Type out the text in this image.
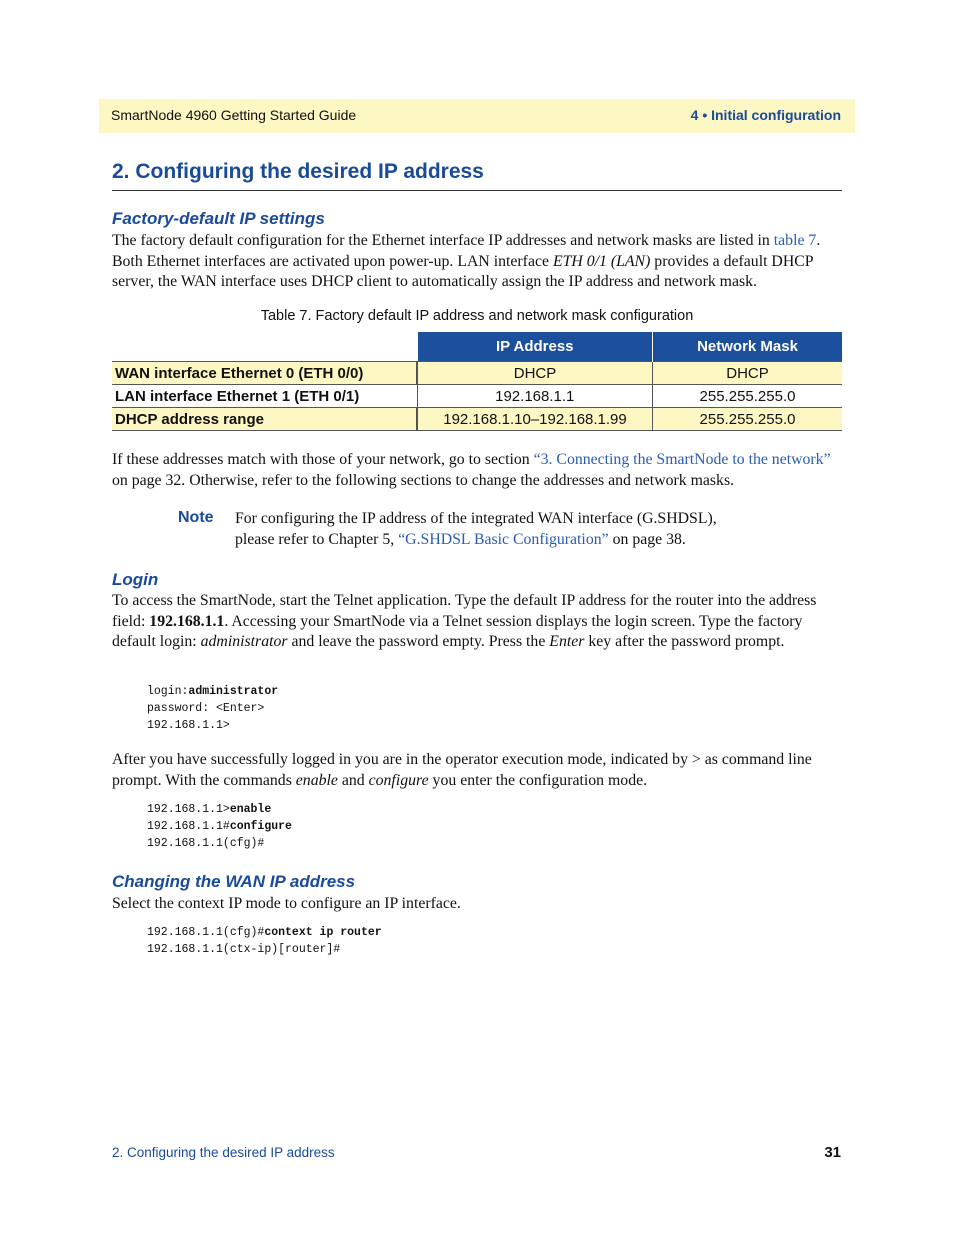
SmartNode 4960 Getting Started Guide	4 • Initial configuration
2. Configuring the desired IP address
Factory-default IP settings

The factory default configuration for the Ethernet interface IP addresses and network masks are listed in table 7. Both Ethernet interfaces are activated upon power-up. LAN interface ETH 0/1 (LAN) provides a default DHCP server, the WAN interface uses DHCP client to automatically assign the IP address and network mask.

Table 7. Factory default IP address and network mask configuration
	IP Address	Network Mask
WAN interface Ethernet 0 (ETH 0/0)	DHCP	DHCP
LAN interface Ethernet 1 (ETH 0/1)	192.168.1.1	255.255.255.0
DHCP address range	192.168.1.10–192.168.1.99	255.255.255.0

If these addresses match with those of your network, go to section “3. Connecting the SmartNode to the network” on page 32. Otherwise, refer to the following sections to change the addresses and network masks.

Note For configuring the IP address of the integrated WAN interface (G.SHDSL),
please refer to Chapter 5, “G.SHDSL Basic Configuration” on page 38.

Login

To access the SmartNode, start the Telnet application. Type the default IP address for the router into the address field: 192.168.1.1. Accessing your SmartNode via a Telnet session displays the login screen. Type the factory default login: administrator and leave the password empty. Press the Enter key after the password prompt.

login:administrator
password: <Enter>
192.168.1.1>

After you have successfully logged in you are in the operator execution mode, indicated by > as command line prompt. With the commands enable and configure you enter the configuration mode.

192.168.1.1>enable
192.168.1.1#configure
192.168.1.1(cfg)#
Changing the WAN IP address

Select the context IP mode to configure an IP interface.

192.168.1.1(cfg)#context ip router
192.168.1.1(ctx-ip)[router]#
2. Configuring the desired IP address	31
